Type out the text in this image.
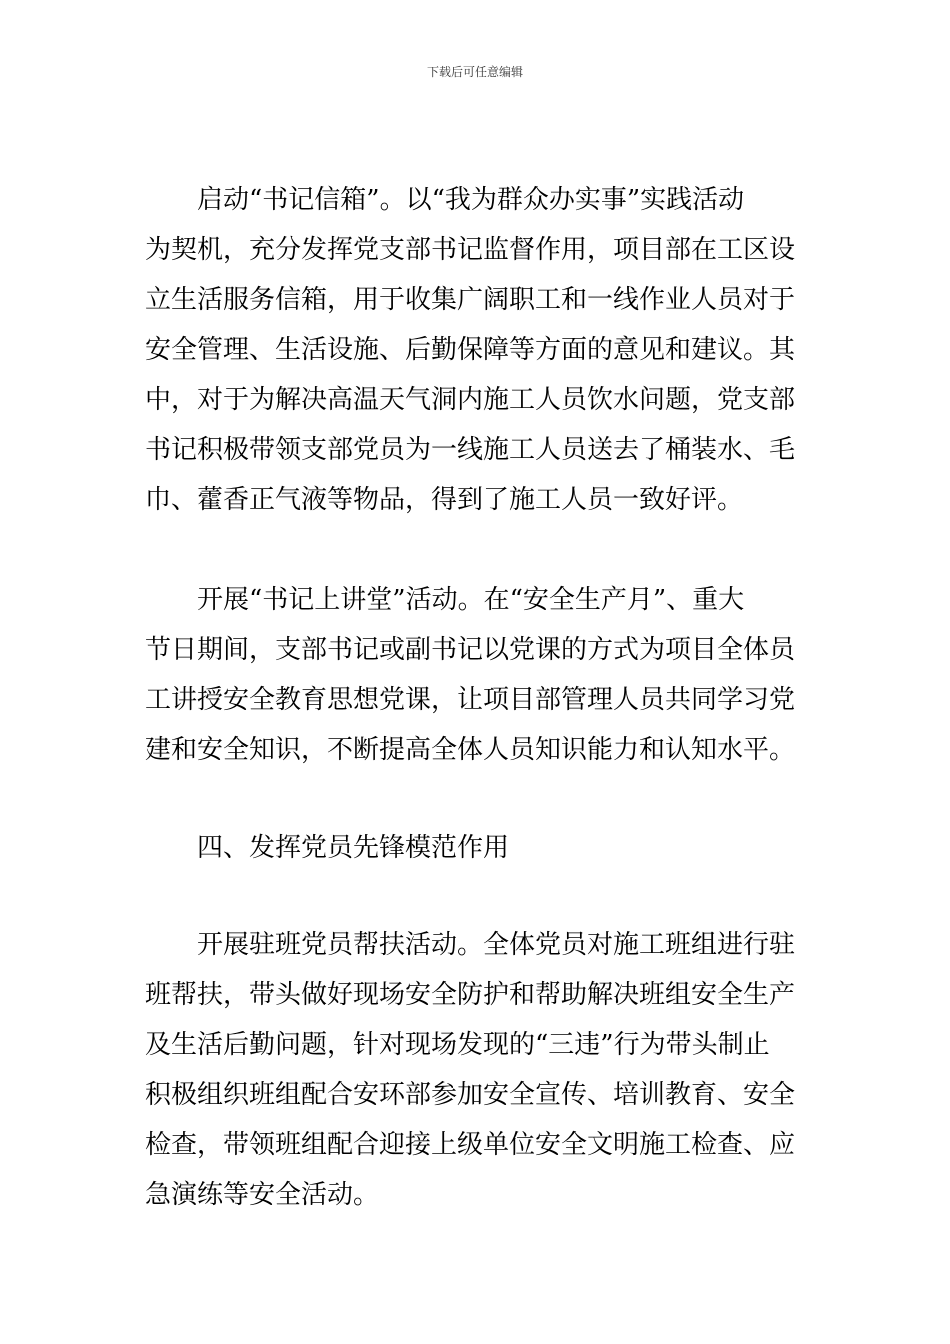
下载后可任意编辑
启动“书记信箱”。以“我为群众办实事”实践活动
为契机，充分发挥党支部书记监督作用，项目部在工区设
立生活服务信箱，用于收集广阔职工和一线作业人员对于
安全管理、生活设施、后勤保障等方面的意见和建议。其
中，对于为解决高温天气洞内施工人员饮水问题，党支部
书记积极带领支部党员为一线施工人员送去了桶装水、毛
巾、藿香正气液等物品，得到了施工人员一致好评。
开展“书记上讲堂”活动。在“安全生产月”、重大
节日期间，支部书记或副书记以党课的方式为项目全体员
工讲授安全教育思想党课，让项目部管理人员共同学习党
建和安全知识，不断提高全体人员知识能力和认知水平。
四、发挥党员先锋模范作用
开展驻班党员帮扶活动。全体党员对施工班组进行驻
班帮扶，带头做好现场安全防护和帮助解决班组安全生产
及生活后勤问题，针对现场发现的“三违”行为带头制止
积极组织班组配合安环部参加安全宣传、培训教育、安全
检查，带领班组配合迎接上级单位安全文明施工检查、应
急演练等安全活动。
